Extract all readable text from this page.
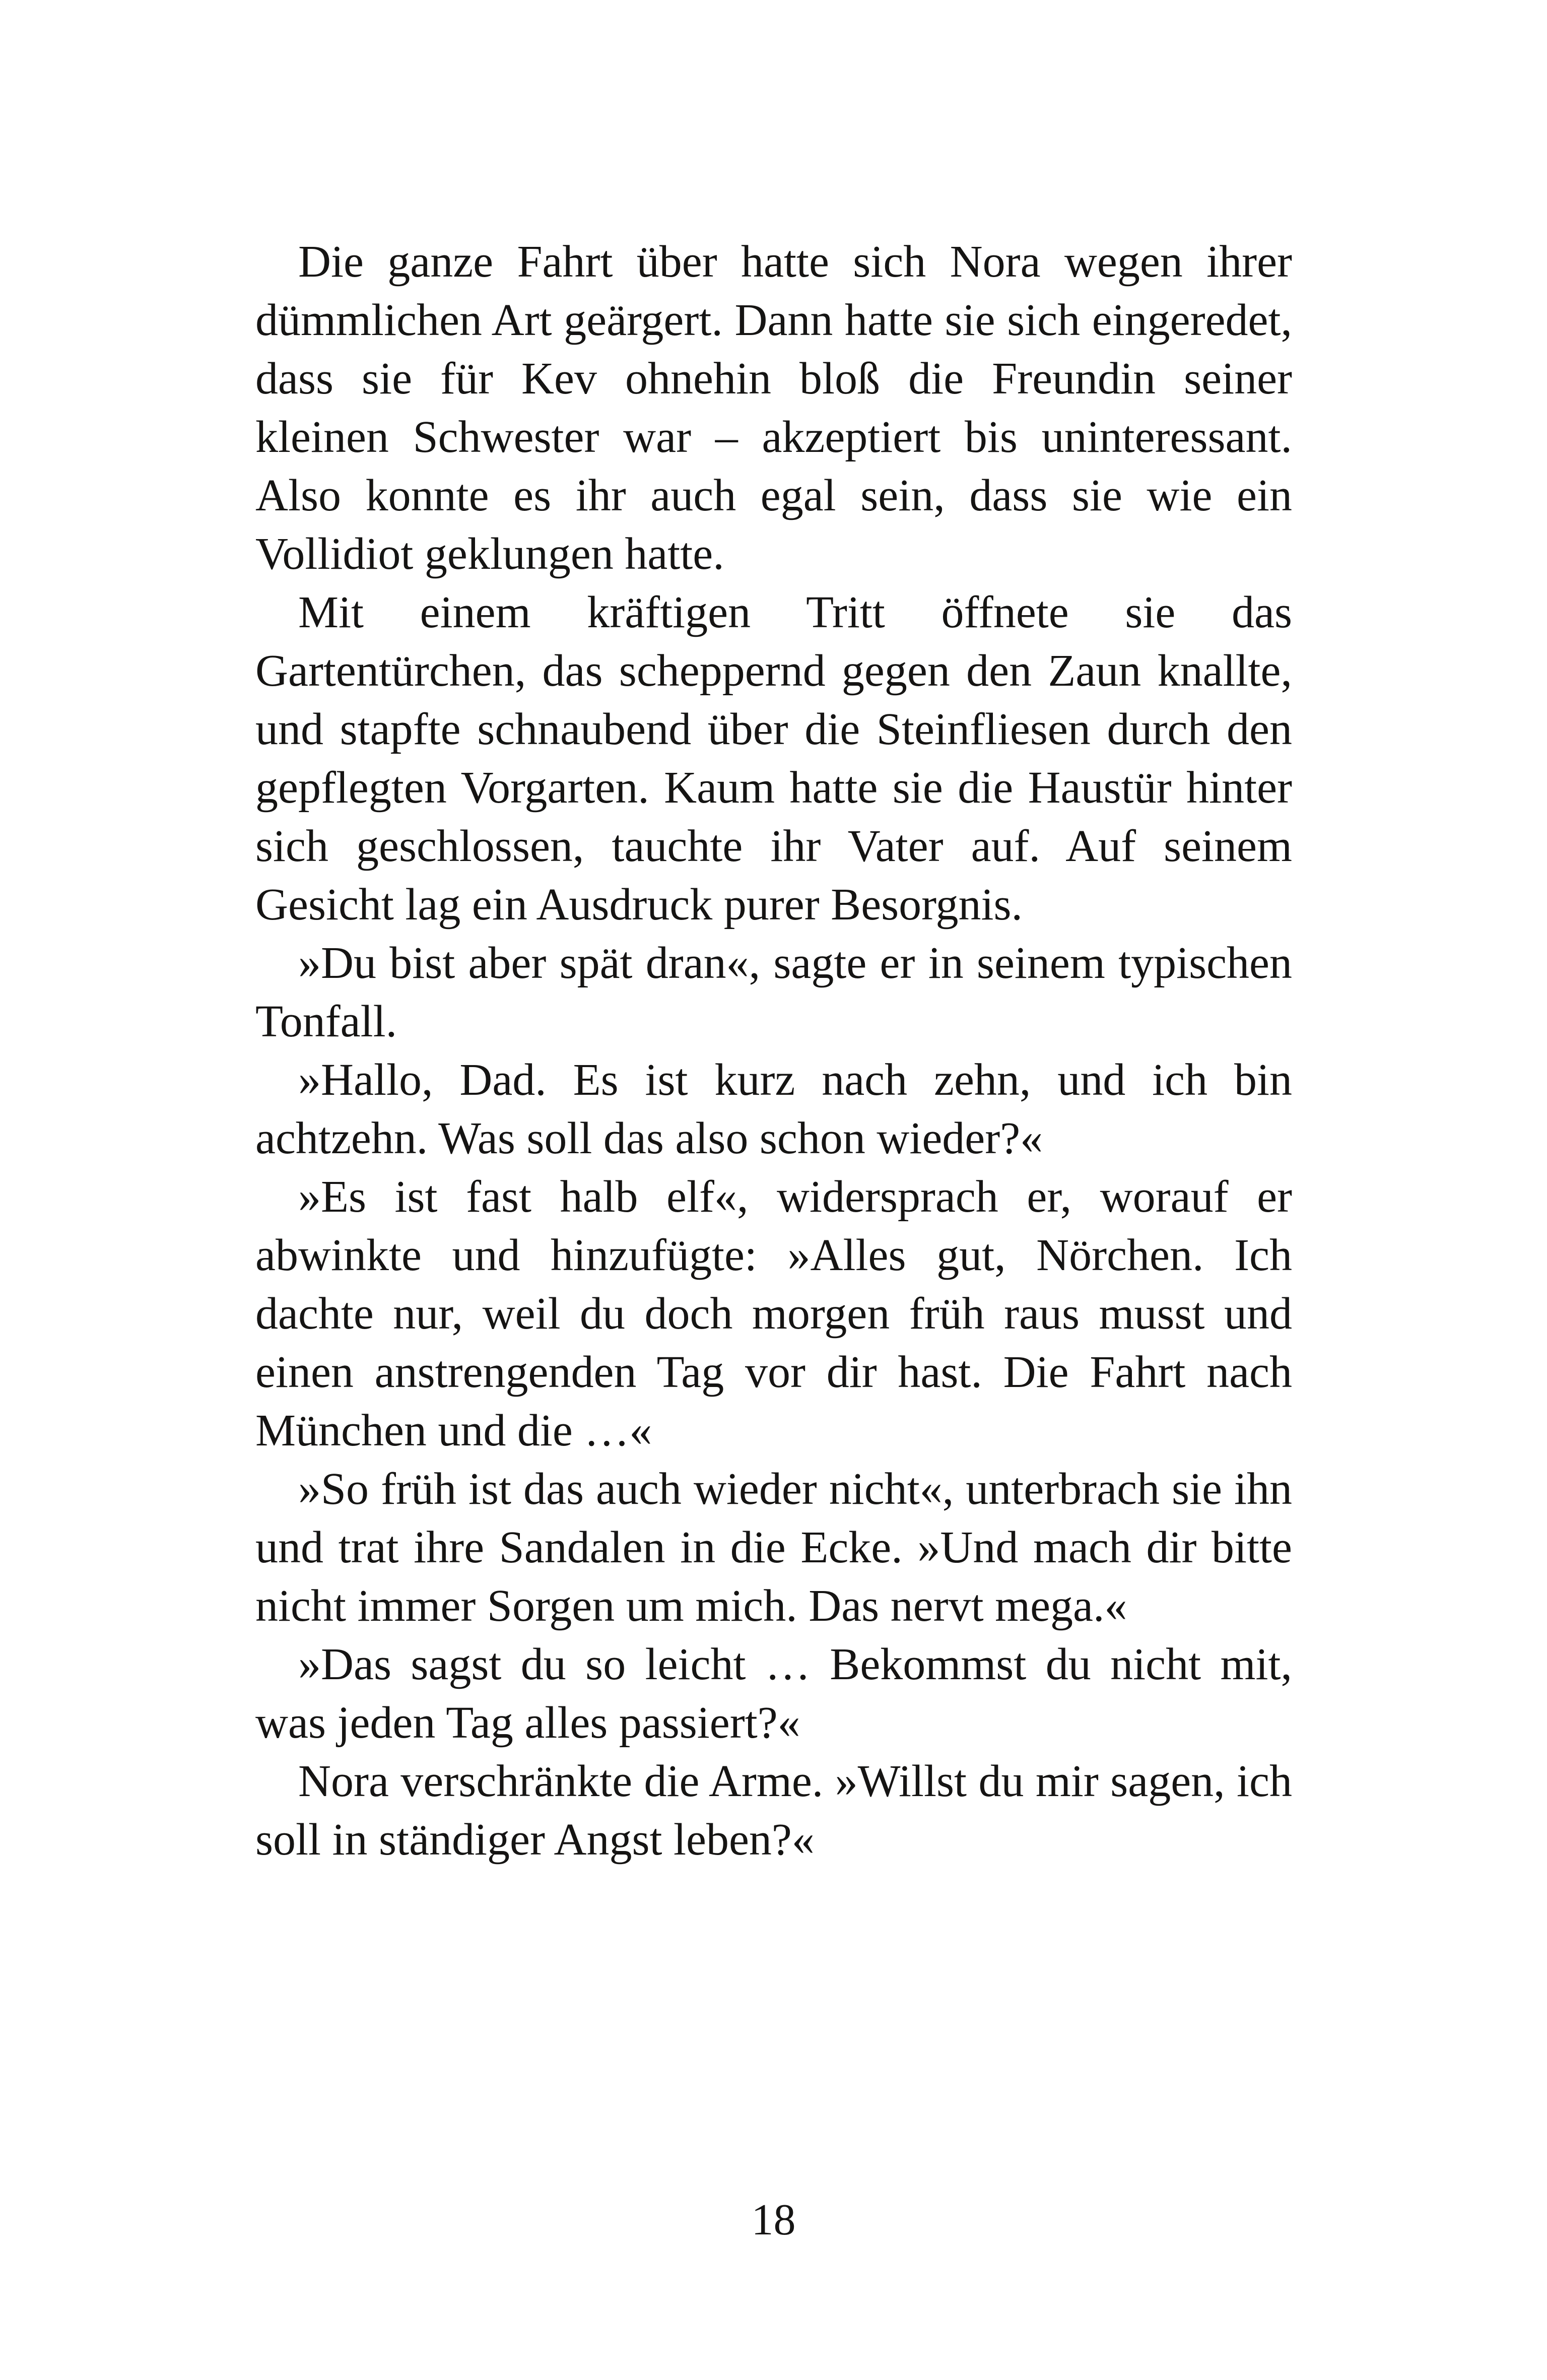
Die ganze Fahrt über hatte sich Nora wegen ihrer dümmlichen Art geärgert. Dann hatte sie sich eingeredet, dass sie für Kev ohnehin bloß die Freundin seiner kleinen Schwester war – akzeptiert bis uninteressant. Also konnte es ihr auch egal sein, dass sie wie ein Vollidiot geklungen hatte.

Mit einem kräftigen Tritt öffnete sie das Gartentürchen, das scheppernd gegen den Zaun knallte, und stapfte schnaubend über die Steinfliesen durch den gepflegten Vorgarten. Kaum hatte sie die Haustür hinter sich geschlossen, tauchte ihr Vater auf. Auf seinem Gesicht lag ein Ausdruck purer Besorgnis.

»Du bist aber spät dran«, sagte er in seinem typischen Tonfall.

»Hallo, Dad. Es ist kurz nach zehn, und ich bin achtzehn. Was soll das also schon wieder?«

»Es ist fast halb elf«, widersprach er, worauf er abwinkte und hinzufügte: »Alles gut, Nörchen. Ich dachte nur, weil du doch morgen früh raus musst und einen anstrengenden Tag vor dir hast. Die Fahrt nach München und die …«

»So früh ist das auch wieder nicht«, unterbrach sie ihn und trat ihre Sandalen in die Ecke. »Und mach dir bitte nicht immer Sorgen um mich. Das nervt mega.«

»Das sagst du so leicht … Bekommst du nicht mit, was jeden Tag alles passiert?«

Nora verschränkte die Arme. »Willst du mir sagen, ich soll in ständiger Angst leben?«

18
